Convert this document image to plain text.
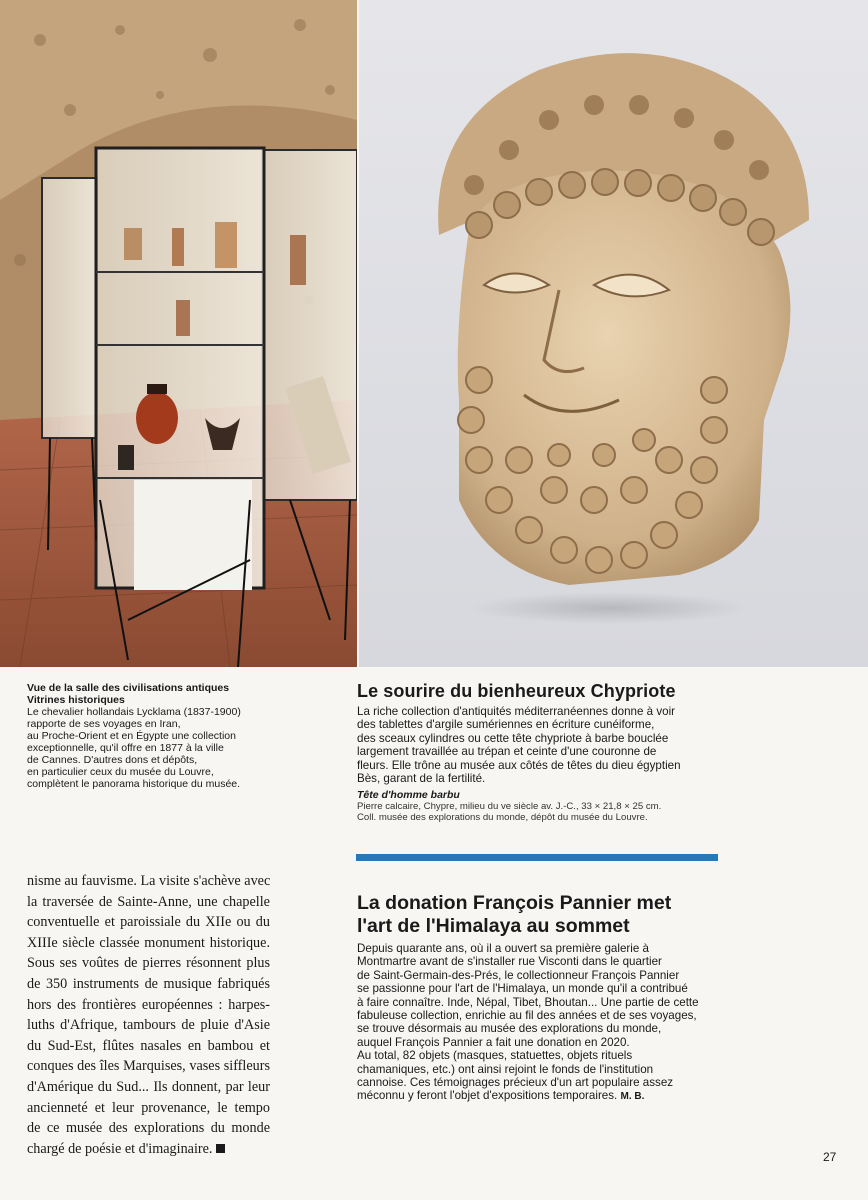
Vue de la salle des civilisations antiques
Vitrines historiques
Le chevalier hollandais Lycklama (1837-1900)
rapporte de ses voyages en Iran,
au Proche-Orient et en Égypte une collection
exceptionnelle, qu'il offre en 1877 à la ville
de Cannes. D'autres dons et dépôts,
en particulier ceux du musée du Louvre,
complètent le panorama historique du musée.
Le sourire du bienheureux Chypriote
La riche collection d'antiquités méditerranéennes donne à voir
des tablettes d'argile sumériennes en écriture cunéiforme,
des sceaux cylindres ou cette tête chypriote à barbe bouclée
largement travaillée au trépan et ceinte d'une couronne de
fleurs. Elle trône au musée aux côtés de têtes du dieu égyptien
Bès, garant de la fertilité.
Tête d'homme barbu
Pierre calcaire, Chypre, milieu du ve siècle av. J.-C., 33 × 21,8 × 25 cm.
Coll. musée des explorations du monde, dépôt du musée du Louvre.
nisme au fauvisme. La visite s'achève avec
la traversée de Sainte-Anne, une chapelle
conventuelle et paroissiale du XIIe ou du
XIIIe siècle classée monument historique.
Sous ses voûtes de pierres résonnent plus
de 350 instruments de musique fabriqués
hors des frontières européennes : harpes-
luths d'Afrique, tambours de pluie d'Asie
du Sud-Est, flûtes nasales en bambou et
conques des îles Marquises, vases siffleurs
d'Amérique du Sud... Ils donnent, par leur
ancienneté et leur provenance, le tempo
de ce musée des explorations du monde
chargé de poésie et d'imaginaire.
La donation François Pannier met
l'art de l'Himalaya au sommet
Depuis quarante ans, où il a ouvert sa première galerie à
Montmartre avant de s'installer rue Visconti dans le quartier
de Saint-Germain-des-Prés, le collectionneur François Pannier
se passionne pour l'art de l'Himalaya, un monde qu'il a contribué
à faire connaître. Inde, Népal, Tibet, Bhoutan... Une partie de cette
fabuleuse collection, enrichie au fil des années et de ses voyages,
se trouve désormais au musée des explorations du monde,
auquel François Pannier a fait une donation en 2020.
Au total, 82 objets (masques, statuettes, objets rituels
chamaniques, etc.) ont ainsi rejoint le fonds de l'institution
cannoise. Ces témoignages précieux d'un art populaire assez
méconnu y feront l'objet d'expositions temporaires. M. B.
27
